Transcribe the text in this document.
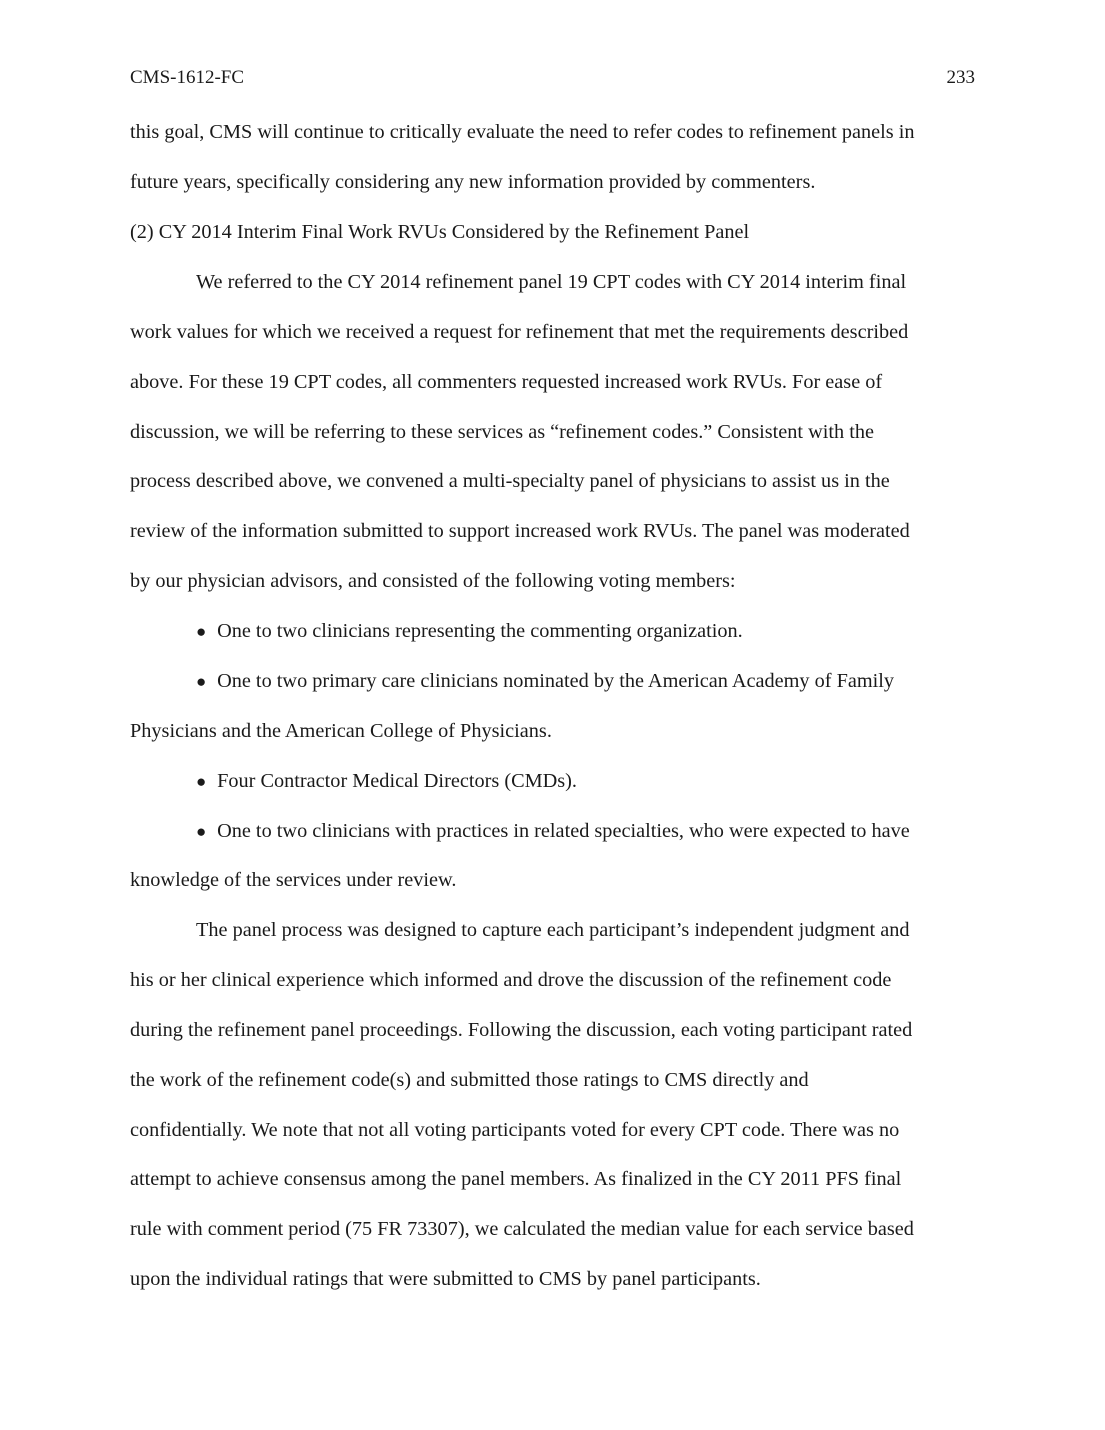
CMS-1612-FC	233
this goal, CMS will continue to critically evaluate the need to refer codes to refinement panels in
future years, specifically considering any new information provided by commenters.
(2) CY 2014 Interim Final Work RVUs Considered by the Refinement Panel
We referred to the CY 2014 refinement panel 19 CPT codes with CY 2014 interim final
work values for which we received a request for refinement that met the requirements described
above. For these 19 CPT codes, all commenters requested increased work RVUs. For ease of
discussion, we will be referring to these services as “refinement codes.” Consistent with the
process described above, we convened a multi-specialty panel of physicians to assist us in the
review of the information submitted to support increased work RVUs. The panel was moderated
by our physician advisors, and consisted of the following voting members:
● One to two clinicians representing the commenting organization.
● One to two primary care clinicians nominated by the American Academy of Family
Physicians and the American College of Physicians.
● Four Contractor Medical Directors (CMDs).
● One to two clinicians with practices in related specialties, who were expected to have
knowledge of the services under review.
The panel process was designed to capture each participant’s independent judgment and
his or her clinical experience which informed and drove the discussion of the refinement code
during the refinement panel proceedings. Following the discussion, each voting participant rated
the work of the refinement code(s) and submitted those ratings to CMS directly and
confidentially. We note that not all voting participants voted for every CPT code. There was no
attempt to achieve consensus among the panel members. As finalized in the CY 2011 PFS final
rule with comment period (75 FR 73307), we calculated the median value for each service based
upon the individual ratings that were submitted to CMS by panel participants.
